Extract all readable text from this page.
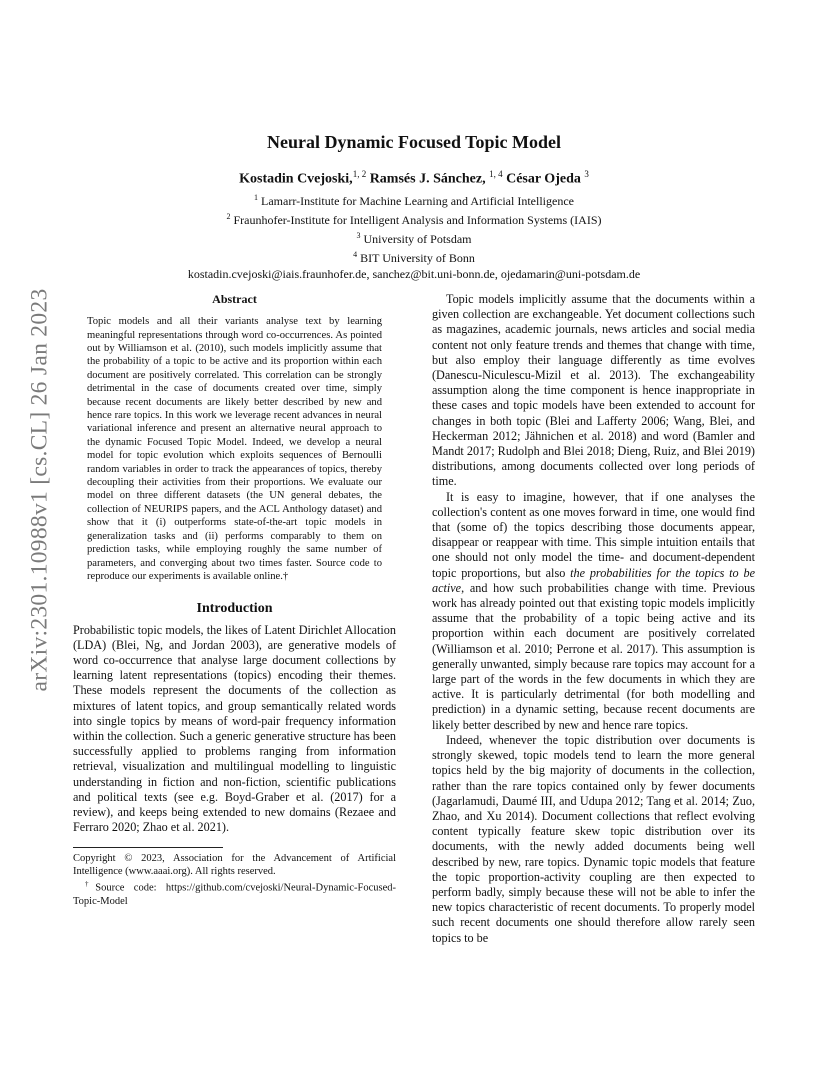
arXiv:2301.10988v1 [cs.CL] 26 Jan 2023
Neural Dynamic Focused Topic Model
Kostadin Cvejoski,$^{1, 2}$ Ramsés J. Sánchez, $^{1, 4}$ César Ojeda $^3$
$^1$ Lamarr-Institute for Machine Learning and Artificial Intelligence
$^2$ Fraunhofer-Institute for Intelligent Analysis and Information Systems (IAIS)
$^3$ University of Potsdam
$^4$ BIT University of Bonn
kostadin.cvejoski@iais.fraunhofer.de, sanchez@bit.uni-bonn.de, ojedamarin@uni-potsdam.de
Abstract
Topic models and all their variants analyse text by learning meaningful representations through word co-occurrences. As pointed out by Williamson et al. (2010), such models implicitly assume that the probability of a topic to be active and its proportion within each document are positively correlated. This correlation can be strongly detrimental in the case of documents created over time, simply because recent documents are likely better described by new and hence rare topics. In this work we leverage recent advances in neural variational inference and present an alternative neural approach to the dynamic Focused Topic Model. Indeed, we develop a neural model for topic evolution which exploits sequences of Bernoulli random variables in order to track the appearances of topics, thereby decoupling their activities from their proportions. We evaluate our model on three different datasets (the UN general debates, the collection of NEURIPS papers, and the ACL Anthology dataset) and show that it (i) outperforms state-of-the-art topic models in generalization tasks and (ii) performs comparably to them on prediction tasks, while employing roughly the same number of parameters, and converging about two times faster. Source code to reproduce our experiments is available online.†
Introduction

Probabilistic topic models, the likes of Latent Dirichlet Allocation (LDA) (Blei, Ng, and Jordan 2003), are generative models of word co-occurrence that analyse large document collections by learning latent representations (topics) encoding their themes. These models represent the documents of the collection as mixtures of latent topics, and group semantically related words into single topics by means of word-pair frequency information within the collection. Such a generic generative structure has been successfully applied to problems ranging from information retrieval, visualization and multilingual modelling to linguistic understanding in fiction and non-fiction, scientific publications and political texts (see e.g. Boyd-Graber et al. (2017) for a review), and keeps being extended to new domains (Rezaee and Ferraro 2020; Zhao et al. 2021).

Copyright © 2023, Association for the Advancement of Artificial Intelligence (www.aaai.org). All rights reserved.
†Source code: https://github.com/cvejoski/Neural-Dynamic-Focused-Topic-Model

Topic models implicitly assume that the documents within a given collection are exchangeable. Yet document collections such as magazines, academic journals, news articles and social media content not only feature trends and themes that change with time, but also employ their language differently as time evolves (Danescu-Niculescu-Mizil et al. 2013). The exchangeability assumption along the time component is hence inappropriate in these cases and topic models have been extended to account for changes in both topic (Blei and Lafferty 2006; Wang, Blei, and Heckerman 2012; Jähnichen et al. 2018) and word (Bamler and Mandt 2017; Rudolph and Blei 2018; Dieng, Ruiz, and Blei 2019) distributions, among documents collected over long periods of time.

It is easy to imagine, however, that if one analyses the collection's content as one moves forward in time, one would find that (some of) the topics describing those documents appear, disappear or reappear with time. This simple intuition entails that one should not only model the time- and document-dependent topic proportions, but also the probabilities for the topics to be active, and how such probabilities change with time. Previous work has already pointed out that existing topic models implicitly assume that the probability of a topic being active and its proportion within each document are positively correlated (Williamson et al. 2010; Perrone et al. 2017). This assumption is generally unwanted, simply because rare topics may account for a large part of the words in the few documents in which they are active. It is particularly detrimental (for both modelling and prediction) in a dynamic setting, because recent documents are likely better described by new and hence rare topics.

Indeed, whenever the topic distribution over documents is strongly skewed, topic models tend to learn the more general topics held by the big majority of documents in the collection, rather than the rare topics contained only by fewer documents (Jagarlamudi, Daumé III, and Udupa 2012; Tang et al. 2014; Zuo, Zhao, and Xu 2014). Document collections that reflect evolving content typically feature skew topic distribution over its documents, with the newly added documents being well described by new, rare topics. Dynamic topic models that feature the topic proportion-activity coupling are then expected to perform badly, simply because these will not be able to infer the new topics characteristic of recent documents. To properly model such recent documents one should therefore allow rarely seen topics to be
